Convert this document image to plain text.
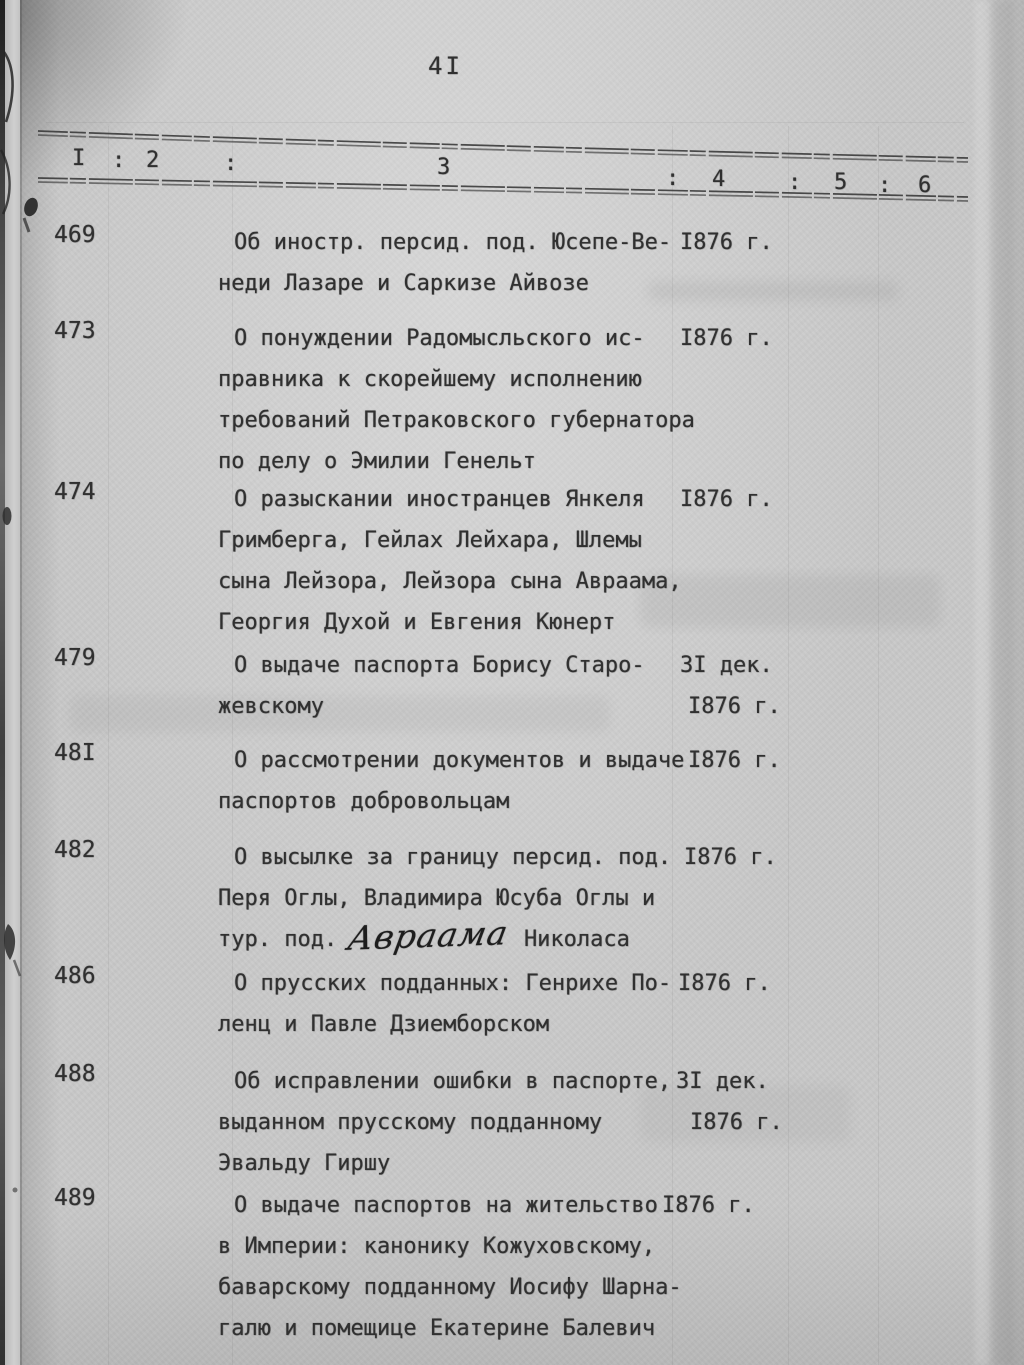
4I
I : 2	:	3	: 4	: 5 : 6
469	Об иностр. персид. под. Юсепе-Ве-
неди Лазаре и Саркизе Айвозе
I876 г.
473	О понуждении Радомысльского ис-
правника к скорейшему исполнению
требований Петраковского губернатора
по делу о Эмилии Генельт
I876 г.
474	О разыскании иностранцев Янкеля
Гримберга, Гейлах Лейхара, Шлемы
сына Лейзора, Лейзора сына Авраама,
Георгия Духой и Евгения Кюнерт
I876 г.
479	О выдаче паспорта Борису Старо-
жевскому
3I дек.
I876 г.
48I	О рассмотрении документов и выдаче
паспортов добровольцам
I876 г.
482	О высылке за границу персид. под.
Перя Оглы, Владимира Юсуба Оглы и
тур. под. Авраама Николаса
I876 г.
486	О прусских подданных: Генрихе По-
ленц и Павле Дзиемборском
I876 г.
488	Об исправлении ошибки в паспорте,
выданном прусскому подданному
Эвальду Гиршу
3I дек.
I876 г.
489	О выдаче паспортов на жительство
в Империи: канонику Кожуховскому,
баварскому подданному Иосифу Шарна-
галю и помещице Екатерине Балевич
I876 г.
